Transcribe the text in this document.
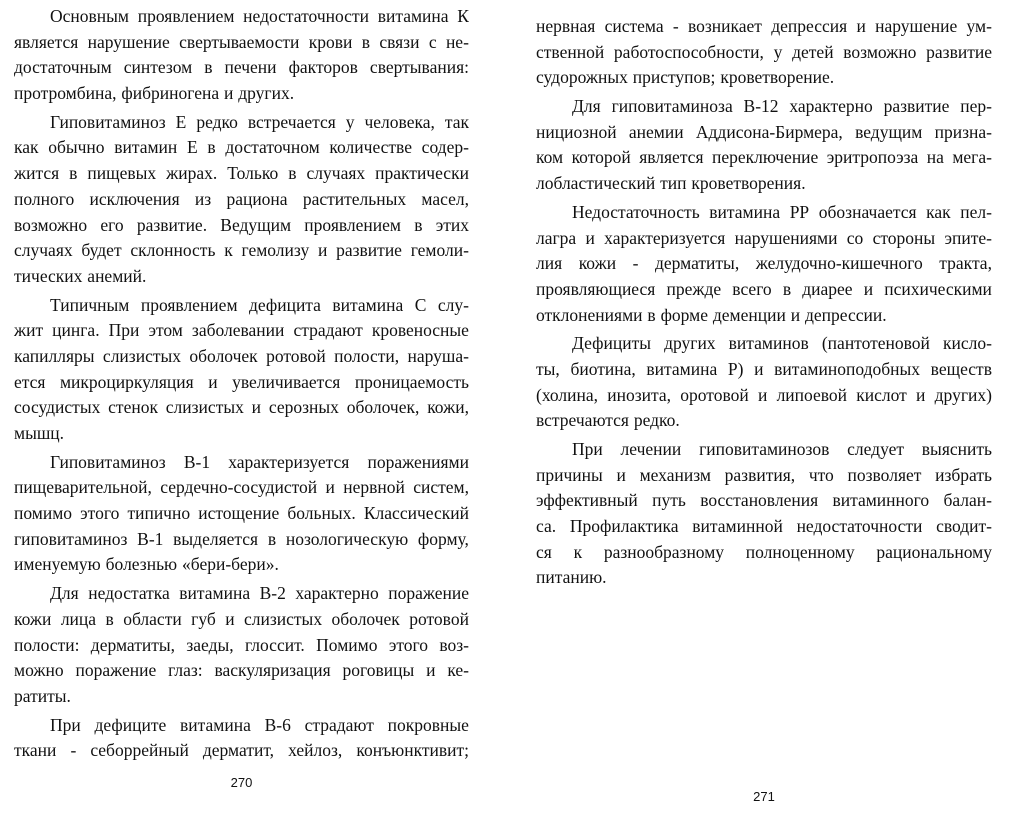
Основным проявлением недостаточности витамина К
является нарушение свертываемости крови в связи с не-
достаточным синтезом в печени факторов свертывания:
протромбина, фибриногена и других.
Гиповитаминоз Е редко встречается у человека, так
как обычно витамин Е в достаточном количестве содер-
жится в пищевых жирах. Только в случаях практически
полного исключения из рациона растительных масел,
возможно его развитие. Ведущим проявлением в этих
случаях будет склонность к гемолизу и развитие гемоли-
тических анемий.
Типичным проявлением дефицита витамина С слу-
жит цинга. При этом заболевании страдают кровеносные
капилляры слизистых оболочек ротовой полости, наруша-
ется микроциркуляция и увеличивается проницаемость
сосудистых стенок слизистых и серозных оболочек, кожи,
мышц.
Гиповитаминоз В-1 характеризуется поражениями
пищеварительной, сердечно-сосудистой и нервной систем,
помимо этого типично истощение больных. Классический
гиповитаминоз В-1 выделяется в нозологическую форму,
именуемую болезнью «бери-бери».
Для недостатка витамина В-2 характерно поражение
кожи лица в области губ и слизистых оболочек ротовой
полости: дерматиты, заеды, глоссит. Помимо этого воз-
можно поражение глаз: васкуляризация роговицы и ке-
ратиты.
При дефиците витамина В-6 страдают покровные
ткани - себоррейный дерматит, хейлоз, конъюнктивит;
270
нервная система - возникает депрессия и нарушение ум-
ственной работоспособности, у детей возможно развитие
судорожных приступов; кроветворение.
Для гиповитаминоза В-12 характерно развитие пер-
нициозной анемии Аддисона-Бирмера, ведущим призна-
ком которой является переключение эритропоэза на мега-
лобластический тип кроветворения.
Недостаточность витамина РР обозначается как пел-
лагра и характеризуется нарушениями со стороны эпите-
лия кожи - дерматиты, желудочно-кишечного тракта,
проявляющиеся прежде всего в диарее и психическими
отклонениями в форме деменции и депрессии.
Дефициты других витаминов (пантотеновой кисло-
ты, биотина, витамина Р) и витаминоподобных веществ
(холина, инозита, оротовой и липоевой кислот и других)
встречаются редко.
При лечении гиповитаминозов следует выяснить
причины и механизм развития, что позволяет избрать
эффективный путь восстановления витаминного балан-
са. Профилактика витаминной недостаточности сводит-
ся к разнообразному полноценному рациональному
питанию.
271
